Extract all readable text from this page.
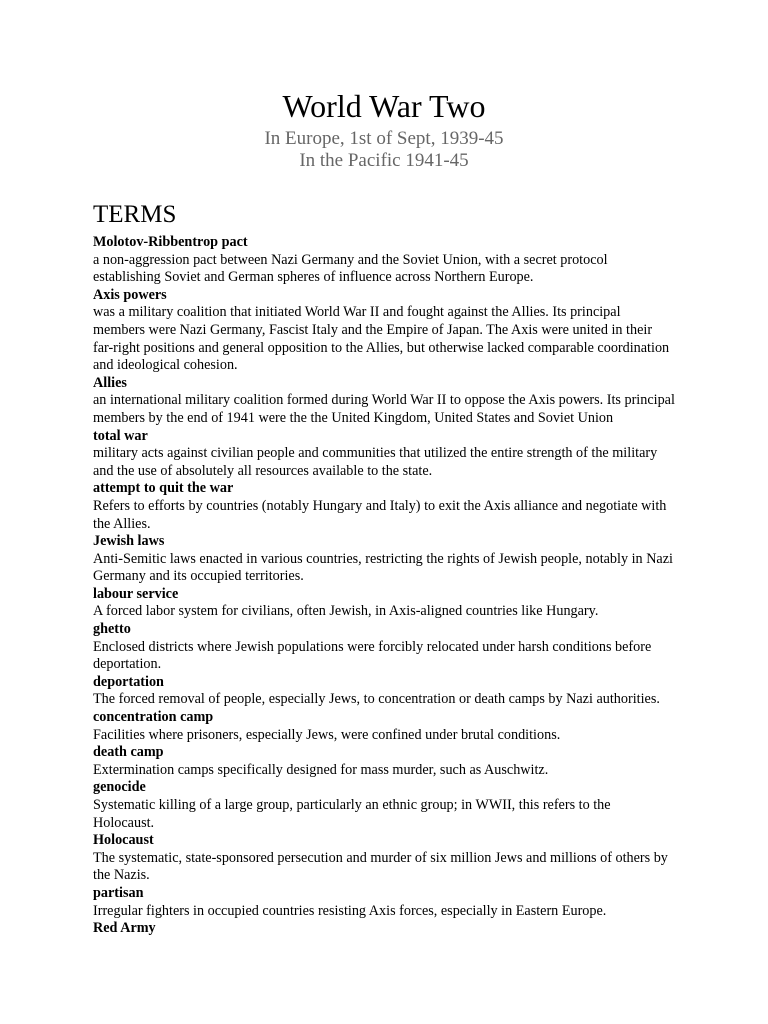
World War Two

In Europe, 1st of Sept, 1939-45

In the Pacific 1941-45

TERMS

Molotov-Ribbentrop pact

a non-aggression pact between Nazi Germany and the Soviet Union, with a secret protocol establishing Soviet and German spheres of influence across Northern Europe.

Axis powers

was a military coalition that initiated World War II and fought against the Allies. Its principal members were Nazi Germany, Fascist Italy and the Empire of Japan. The Axis were united in their far-right positions and general opposition to the Allies, but otherwise lacked comparable coordination and ideological cohesion.

Allies

an international military coalition formed during World War II to oppose the Axis powers. Its principal members by the end of 1941 were the the United Kingdom, United States and Soviet Union

total war

military acts against civilian people and communities that utilized the entire strength of the military and the use of absolutely all resources available to the state.

attempt to quit the war

Refers to efforts by countries (notably Hungary and Italy) to exit the Axis alliance and negotiate with the Allies.

Jewish laws

Anti-Semitic laws enacted in various countries, restricting the rights of Jewish people, notably in Nazi Germany and its occupied territories.

labour service

A forced labor system for civilians, often Jewish, in Axis-aligned countries like Hungary.

ghetto

Enclosed districts where Jewish populations were forcibly relocated under harsh conditions before deportation.

deportation

The forced removal of people, especially Jews, to concentration or death camps by Nazi authorities.

concentration camp

Facilities where prisoners, especially Jews, were confined under brutal conditions.

death camp

Extermination camps specifically designed for mass murder, such as Auschwitz.

genocide

Systematic killing of a large group, particularly an ethnic group; in WWII, this refers to the Holocaust.

Holocaust

The systematic, state-sponsored persecution and murder of six million Jews and millions of others by the Nazis.

partisan

Irregular fighters in occupied countries resisting Axis forces, especially in Eastern Europe.

Red Army
